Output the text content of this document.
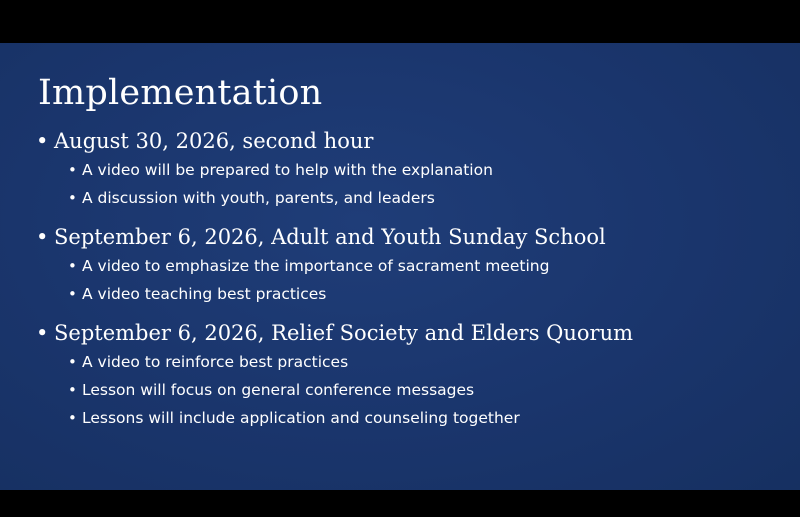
Implementation
• August 30, 2026, second hour
• A video will be prepared to help with the explanation
• A discussion with youth, parents, and leaders
• September 6, 2026, Adult and Youth Sunday School
• A video to emphasize the importance of sacrament meeting
• A video teaching best practices
• September 6, 2026, Relief Society and Elders Quorum
• A video to reinforce best practices
• Lesson will focus on general conference messages
• Lessons will include application and counseling together
